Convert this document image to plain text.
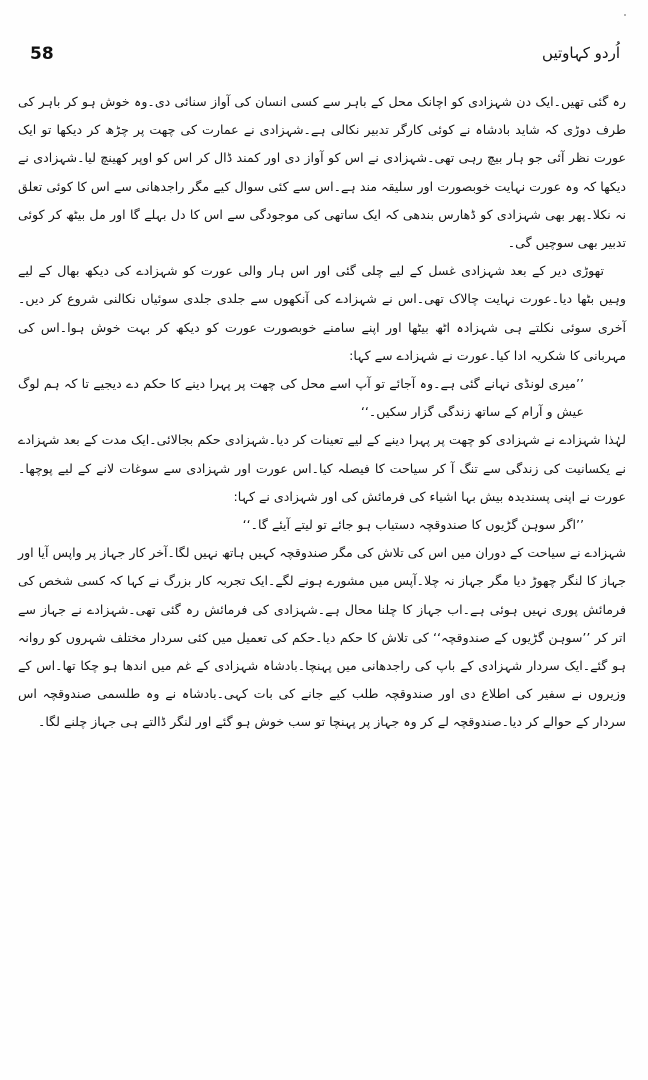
58	اُردو کہاوتیں

رہ گئی تھیں۔ایک دن شہزادی کو اچانک محل کے باہر سے کسی انسان کی آواز سنائی دی۔وہ خوش ہو کر باہر کی طرف دوڑی کہ شاید بادشاہ نے کوئی کارگر تدبیر نکالی ہے۔شہزادی نے عمارت کی چھت پر چڑھ کر دیکھا تو ایک عورت نظر آئی جو ہار بیچ رہی تھی۔شہزادی نے اس کو آواز دی اور کمند ڈال کر اس کو اوپر کھینچ لیا۔شہزادی نے دیکھا کہ وہ عورت نہایت خوبصورت اور سلیقہ مند ہے۔اس سے کئی سوال کیے مگر راجدھانی سے اس کا کوئی تعلق نہ نکلا۔پھر بھی شہزادی کو ڈھارس بندھی کہ ایک ساتھی کی موجودگی سے اس کا دل بہلے گا اور مل بیٹھ کر کوئی تدبیر بھی سوچیں گی۔

تھوڑی دیر کے بعد شہزادی غسل کے لیے چلی گئی اور اس ہار والی عورت کو شہزادے کی دیکھ بھال کے لیے وہیں بٹھا دیا۔عورت نہایت چالاک تھی۔اس نے شہزادے کی آنکھوں سے جلدی جلدی سوئیاں نکالنی شروع کر دیں۔آخری سوئی نکلتے ہی شہزادہ اٹھ بیٹھا اور اپنے سامنے خوبصورت عورت کو دیکھ کر بہت خوش ہوا۔اس کی مہربانی کا شکریہ ادا کیا۔عورت نے شہزادے سے کہا:

’’میری لونڈی نہانے گئی ہے۔وہ آجائے تو آپ اسے محل کی چھت پر پہرا دینے کا حکم دے دیجیے تا کہ ہم لوگ عیش و آرام کے ساتھ زندگی گزار سکیں۔‘‘

لہٰذا شہزادے نے شہزادی کو چھت پر پہرا دینے کے لیے تعینات کر دیا۔شہزادی حکم بجالائی۔ایک مدت کے بعد شہزادے نے یکسانیت کی زندگی سے تنگ آ کر سیاحت کا فیصلہ کیا۔اس عورت اور شہزادی سے سوغات لانے کے لیے پوچھا۔عورت نے اپنی پسندیدہ بیش بہا اشیاء کی فرمائش کی اور شہزادی نے کہا:

’’اگر سوہن گڑیوں کا صندوقچہ دستیاب ہو جائے تو لیتے آیئے گا۔‘‘

شہزادے نے سیاحت کے دوران میں اس کی تلاش کی مگر صندوقچہ کہیں ہاتھ نہیں لگا۔آخر کار جہاز پر واپس آیا اور جہاز کا لنگر چھوڑ دیا مگر جہاز نہ چلا۔آپس میں مشورے ہونے لگے۔ایک تجربہ کار بزرگ نے کہا کہ کسی شخص کی فرمائش پوری نہیں ہوئی ہے۔اب جہاز کا چلنا محال ہے۔شہزادی کی فرمائش رہ گئی تھی۔شہزادے نے جہاز سے اتر کر ’’سوہن گڑیوں کے صندوقچہ‘‘ کی تلاش کا حکم دیا۔حکم کی تعمیل میں کئی سردار مختلف شہروں کو روانہ ہو گئے۔ایک سردار شہزادی کے باپ کی راجدھانی میں پہنچا۔بادشاہ شہزادی کے غم میں اندھا ہو چکا تھا۔اس کے وزیروں نے سفیر کی اطلاع دی اور صندوقچہ طلب کیے جانے کی بات کہی۔بادشاہ نے وہ طلسمی صندوقچہ اس سردار کے حوالے کر دیا۔صندوقچہ لے کر وہ جہاز پر پہنچا تو سب خوش ہو گئے اور لنگر ڈالتے ہی جہاز چلنے لگا۔
